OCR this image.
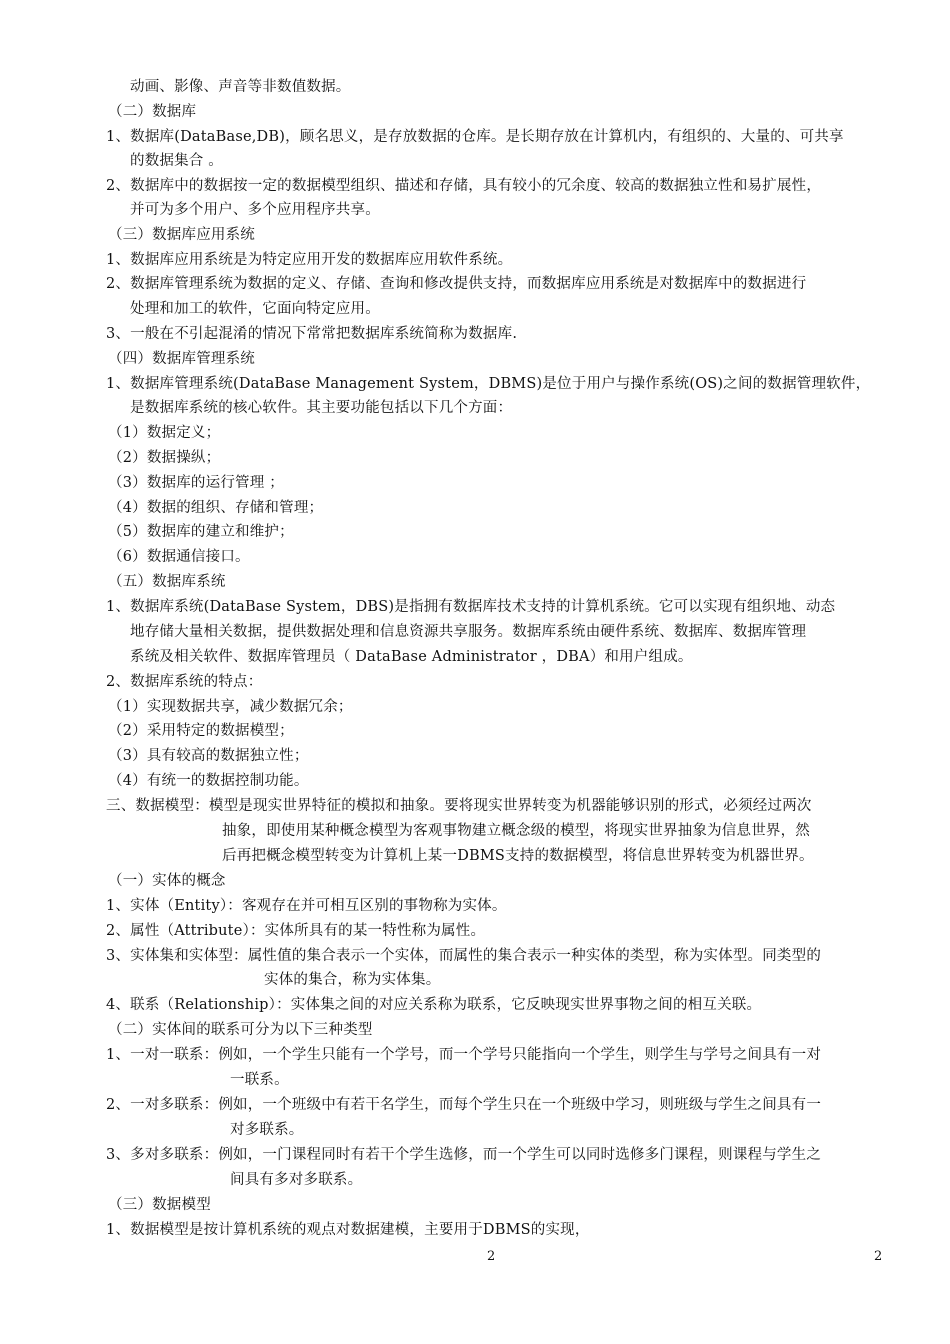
动画、影像、声音等非数值数据。
（二）数据库
1、数据库(DataBase,DB)，顾名思义，是存放数据的仓库。是长期存放在计算机内，有组织的、大量的、可共享
的数据集合 。
2、数据库中的数据按一定的数据模型组织、描述和存储，具有较小的冗余度、较高的数据独立性和易扩展性，
并可为多个用户、多个应用程序共享。
（三）数据库应用系统
1、数据库应用系统是为特定应用开发的数据库应用软件系统。
2、数据库管理系统为数据的定义、存储、查询和修改提供支持，而数据库应用系统是对数据库中的数据进行
处理和加工的软件，它面向特定应用。
3、一般在不引起混淆的情况下常常把数据库系统简称为数据库.
（四）数据库管理系统
1、数据库管理系统(DataBase Management System，DBMS)是位于用户与操作系统(OS)之间的数据管理软件，
是数据库系统的核心软件。其主要功能包括以下几个方面：
（1）数据定义；
（2）数据操纵；
（3）数据库的运行管理 ；
（4）数据的组织、存储和管理；
（5）数据库的建立和维护；
（6）数据通信接口。
（五）数据库系统
1、数据库系统(DataBase System，DBS)是指拥有数据库技术支持的计算机系统。它可以实现有组织地、动态
地存储大量相关数据，提供数据处理和信息资源共享服务。数据库系统由硬件系统、数据库、数据库管理
系统及相关软件、数据库管理员（ DataBase Administrator ，DBA）和用户组成。
2、数据库系统的特点：
（1）实现数据共享，减少数据冗余；
（2）采用特定的数据模型；
（3）具有较高的数据独立性；
（4）有统一的数据控制功能。
三、数据模型：模型是现实世界特征的模拟和抽象。要将现实世界转变为机器能够识别的形式，必须经过两次
抽象，即使用某种概念模型为客观事物建立概念级的模型，将现实世界抽象为信息世界，然
后再把概念模型转变为计算机上某一DBMS支持的数据模型，将信息世界转变为机器世界。
（一）实体的概念
1、实体（Entity）：客观存在并可相互区别的事物称为实体。
2、属性（Attribute）：实体所具有的某一特性称为属性。
3、实体集和实体型：属性值的集合表示一个实体，而属性的集合表示一种实体的类型，称为实体型。同类型的
实体的集合，称为实体集。
4、联系（Relationship）：实体集之间的对应关系称为联系，它反映现实世界事物之间的相互关联。
（二）实体间的联系可分为以下三种类型
1、一对一联系：例如，一个学生只能有一个学号，而一个学号只能指向一个学生，则学生与学号之间具有一对
一联系。
2、一对多联系：例如，一个班级中有若干名学生，而每个学生只在一个班级中学习，则班级与学生之间具有一
对多联系。
3、多对多联系：例如，一门课程同时有若干个学生选修，而一个学生可以同时选修多门课程，则课程与学生之
间具有多对多联系。
（三）数据模型
1、数据模型是按计算机系统的观点对数据建模，主要用于DBMS的实现，
2	2
